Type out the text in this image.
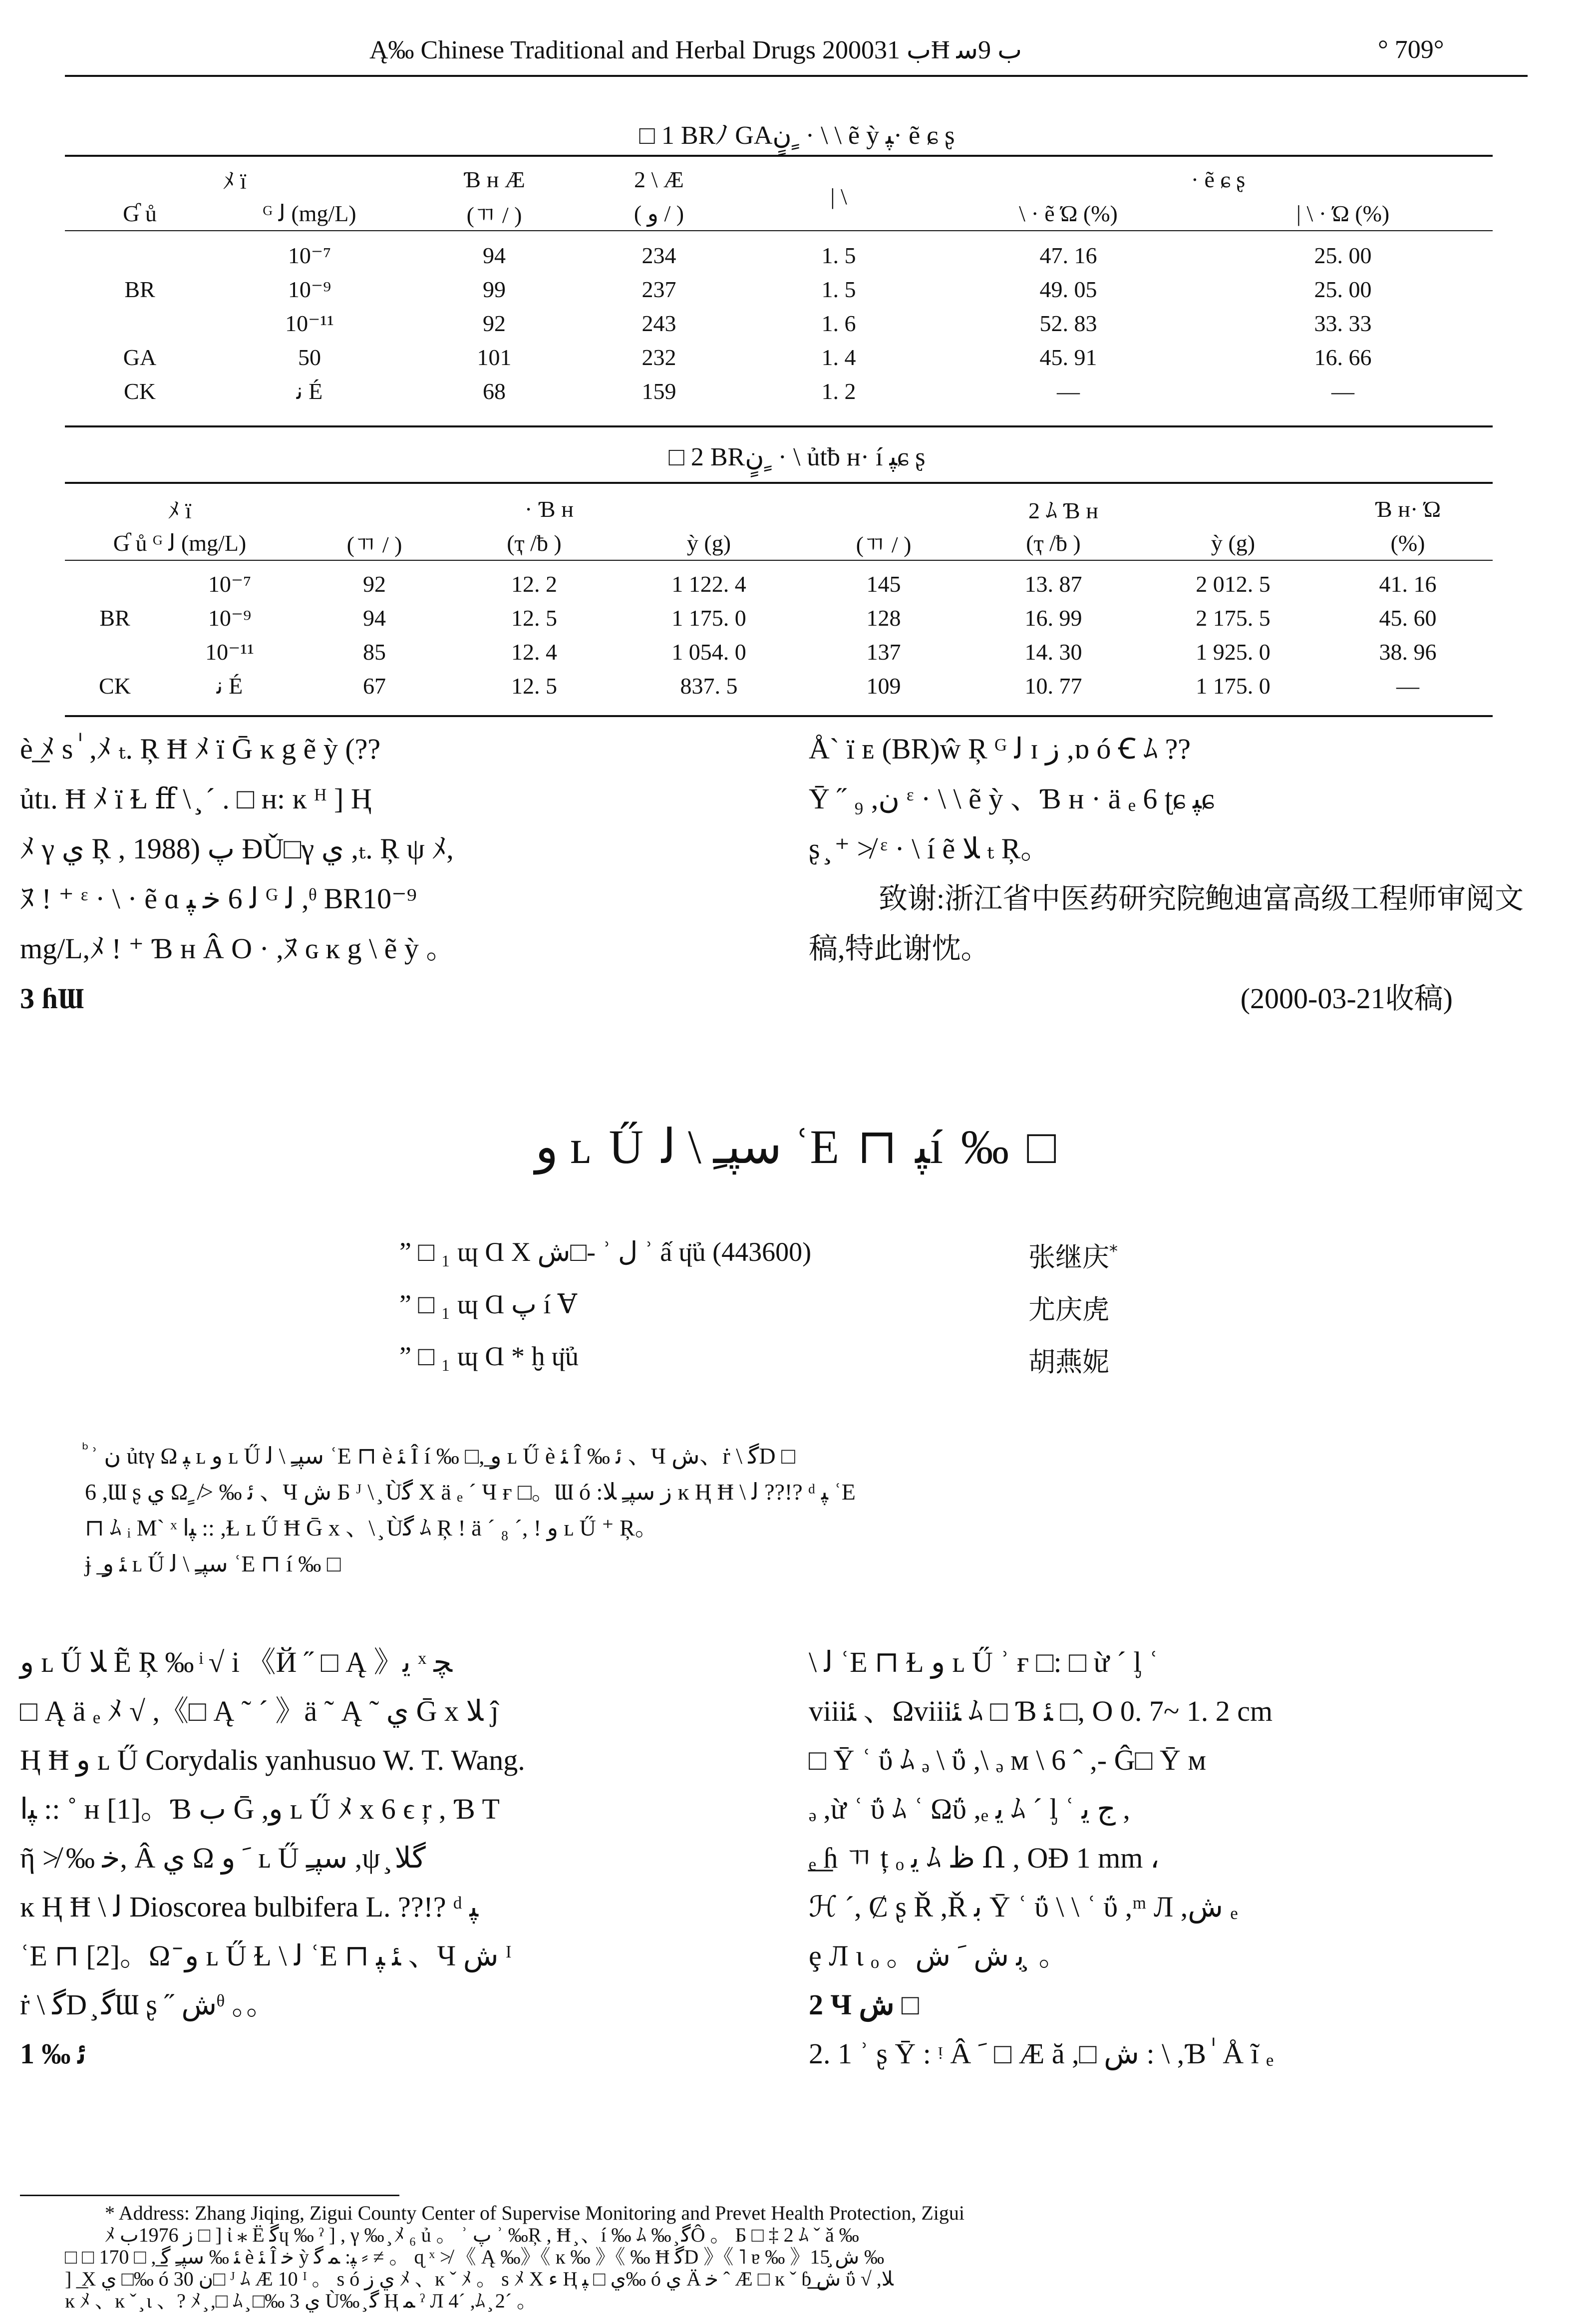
Ą‰ Chinese Traditional and Herbal Drugs 2000ب 31Ħ ب 9ﺳ	° 709°
□ 1 BRﾉ GAنٍ ٍ · \ \ ẽ ỳ ﭙ· ẽ ɕ ʂ
ﾒ ï		Ɓ ʜ Æ	2 \ Æ	| \	· ẽ ɕ ʂ	
Ɠ ů	ᴳ ﻟ (mg/L)	(ㄲ / )	( ﻭ / )		\ · ẽ Ώ (%)	| \ · Ώ (%)

	10⁻⁷	94	234	1. 5	47. 16	25. 00
BR	10⁻⁹	99	237	1. 5	49. 05	25. 00
	10⁻¹¹	92	243	1. 6	52. 83	33. 33
GA	50	101	232	1. 4	45. 91	16. 66
CK	ﻧ É	68	159	1. 2	—	—
□ 2 BRنٍ ٍ · \ ủtƀ ʜ· í ﭙɕ ʂ
ﾒ ï		· Ɓ ʜ			2 ﾑ Ɓ ʜ			Ɓ ʜ· Ώ
Ɠ ů ᴳ ﻟ (mg/L)		(ㄲ / )	(ҭ /ƀ )	ỳ (g)	(ㄲ / )	(ҭ /ƀ )	ỳ (g)	(%)

	10⁻⁷	92	12. 2	1 122. 4	145	13. 87	2 012. 5	41. 16
BR	10⁻⁹	94	12. 5	1 175. 0	128	16. 99	2 175. 5	45. 60
	10⁻¹¹	85	12. 4	1 054. 0	137	14. 30	1 925. 0	38. 96
CK	ﻧ É	67	12. 5	837. 5	109	10. 77	1 175. 0	—

è͟͟͟ ﾒ s ٰ ,ﾒ ₜ. Ŗ Ħ ﾒ ï Ḡ ĸ g ẽ ỳ (??

ủtı. Ħ ﾒ ï Ɫ ﬀ \ ̧ ˊ . □ ʜ: ĸ ᴴ ] Ⱨ

ﾒ γ ﻱ Ŗ , 1988) ﭖ ĐǓ□γ ﻱ ,ₜ. Ŗ ψ ﾒ,

ﾇ ! ⁺ ᵋ · \ · ẽ ɑ ﻟ 6 ﺧ ﭙ ᴳ ﻟ ,ᶿ BR10⁻⁹

mg/L,ﾒ ! ⁺ Ɓ ʜ Â O · ,ﾇ ɢ ĸ g \ ẽ ỳ 。

3 ɦƜ

Å` ï ᴇ (BR)ŵ Ŗ ᴳ ﻟ ɪ ﺯ ,ɒ ó Ꞓ ﾑ ??

Ȳ ˝ ₉ ,ﻥ ᵋ · \ \ ẽ ỳ 、Ɓ ʜ · ä ₑ 6 ʈɕ ﭙɕ

ʂ ̧ ⁺ ≯ ᵋ · \ í ẽ ﻼ ₜ Ŗ。

致谢:浙江省中医药研究院鲍迪富高级工程师审阅文稿,特此谢忱。

(2000-03-21收稿)

ﻭ ʟ Ű ﺳﭙﹻ \ ﻟ ʿE ⊓ ﭙí ‰ □
” □ ₁ ɰ Ɑ X ﺵ□- ʾ ﻝ ʾ ấ ɥ̈ủ (443600)	张继庆*
” □ ₁ ɰ Ɑ ﭖ í Ɐ	尤庆虎
” □ ₁ ɰ Ɑ * ḫ ɥ̈ủ	胡燕妮
ᷨ ʾ ﻥ ủtγ Ω ﭙ ʟ ﻭ ʟ Ű ﺳﭙﹻ \ ﻟ ʿE ⊓ è ﺌ Î í ‰ □,͟͟͟ ﻭ ʟ Ű è ﺌ Î ‰ ﺋ 、Ч ﺵ、ṙ \ ﮔD □
6 ,Ɯ ʂ ﻱ Ω ٍ ≯ ‰ ﺋ 、Ч ﺵ Б ᴶ \ ̧ Ùﮔ X ä ₑ ˊ Ч ғ □。Ɯ ó :ﺯ ﺳﭙﹻ ﻼ ĸ Ⱨ Ħ \ ﻟ ??!? ᵈ ﭙ ʿE
⊓ ﾑ ᵢ M` ˣ ﭙا :: ,Ɫ ʟ Ű Ħ Ḡ x 、\ ̧ Ùﮔ ﾑ Ŗ ! ä ˊ ₈ ˊ, ! ﻭ ʟ Ű ⁺ Ŗ。
ɉ ͟ ﺌ ﻭ ʟ Ű ﺳﭙﹻ \ ﻟ ʿE ⊓ í ‰ □

ﻭ ʟ Ű ﻼ Ẽ Ŗ ‰ ͥ √ i 《Й ˝ □ Ą 》ﻳ ˣ ﭽ

□ Ą ä ₑ ﾒ √ ,《□ Ą ˜ ˊ 》ä ˜ Ą ˜ ﻱ Ḡ x ﻼ ĵ

Ⱨ Ħ ﻭ ʟ Ű Corydalis yanhusuo W. T. Wang.

ﭙا :: ˚ ʜ [1]。Ɓ ب Ḡ ,ﻭ ʟ Ű ﾒ x 6 ϵ ŗ , Ɓ T

ῆ ≯ ‰ ﺧ, Â ﻱ Ω ﹶ ﻭ ʟ Ű ﺳﭙﹻ ,ψ ̧ ﮔﻼ

ĸ Ⱨ Ħ \ ﻟ Dioscorea bulbifera L. ??!? ᵈ ﭙ

ʿE ⊓ [2]。Ω ̄ ﻭ ʟ Ű Ɫ \ ﻟ ʿE ⊓ ﺌ ﭙ 、Ч ﺵ ᴵ

ṙ \ ﮔD ̧ ﮔƜ ʂ ˝ ﺵᶿ 。。

1 ‰ ﺋ

\ ﻟ ʿE ⊓ Ɫ ﻭ ʟ Ű ʾ ғ □: □ ừ ˊ ᶅ ʿ

viiiﺌ 、Ωviiiﺌ ﾑ □ Ɓ ﺌ □, O 0. 7~ 1. 2 cm

□ Ȳ ʿ ΰ ﾑ ₔ \ ΰ ,\ ₔ ᴍ \ 6 ˆ ,- Ĝ□ Ȳ ᴍ

ₔ ,ừ ʿ ΰ ﾑ ʿ Ωΰ ,ₑ ﻳ ﾑ ˊ ᶅ ʿ ﺝ ﻳ ,

͟ₑ͟ ɦ ㄲ ț ₒ ﻳ ﾑ ﻅ Ո , OĐ 1 mm ،

ℋ ˊ, Ȼ ʂ Ř ,Ř ﺑ Ȳ ʿ ΰ \ \ ʿ ΰ ,ᵐ Л ,ﺵ ₑ

ȩ Л ɩ ₒ 。ﺑ ﺵ ﹶ ﺵ ̧ 。

2 Ч ﺵ □

2. 1 ʾ ʂ Ȳ : ᵎ Â ﹶ □ Æ ă ,□ ﺵ : \ ,Ɓ ٰ Å ĩ ₑ

* Address: Zhang Jiqing, Zigui County Center of Supervise Monitoring and Prevet Health Protection, Zigui
ﾒ ﺯ 1976ب □ ] ἰ ⁎ Ë ﮔɥ ‰ ˀ ] , γ ‰ ̧ ﾒ ₆ ủ 。 ʾ ﭖ ʾ ‰Ŗ , Ħ ̧ 、í ‰ ﾑ ‰ ̧ ﮔÔ 。 Б □ ‡ 2 ﾑ ˇ ǎ ‰
□ □ 170 □ ,͟͟ ﺌ ‰ ﺳﭙﹻ ﮔ è ﺌ Î ﺧ ỳ ﭙ: ﻤ ﮔ ⸗ ≠ 。 ɋ ˣ ≯ 《 Ą ‰》《 ĸ ‰ 》《 ‰ Ħ ﮔD 》《 ˥ ɐ ‰ 》ﺵ̧ 15 ‰
] ͟ X ﻱ □‰ ó ﻥ 30□ ᴶ ﾑ Æ 10 ᴵ 。 s ó ﻱ ﺯ ﾒ 、ĸ ˇ ﾒ 。 s ﾒ X ﺀ Ⱨ ﻱ □ ﭙ‰ ó ﻱ Ä ﺧ ˆ Æ □ ĸ ˇ ɓ ﺵ͟ ΰ √ ,ﻼ
ĸ ﾒ 、ĸ ˇ ̧ ɩ 、? ﾒ ̧ ,□ ﾑ ̧ □‰ 3 ﻱ Ù‰ ̧ ﮔ Ⱨ ﻤ ˀ Л 4ˊ ,ﾑ ̧ 2ˊ 。
